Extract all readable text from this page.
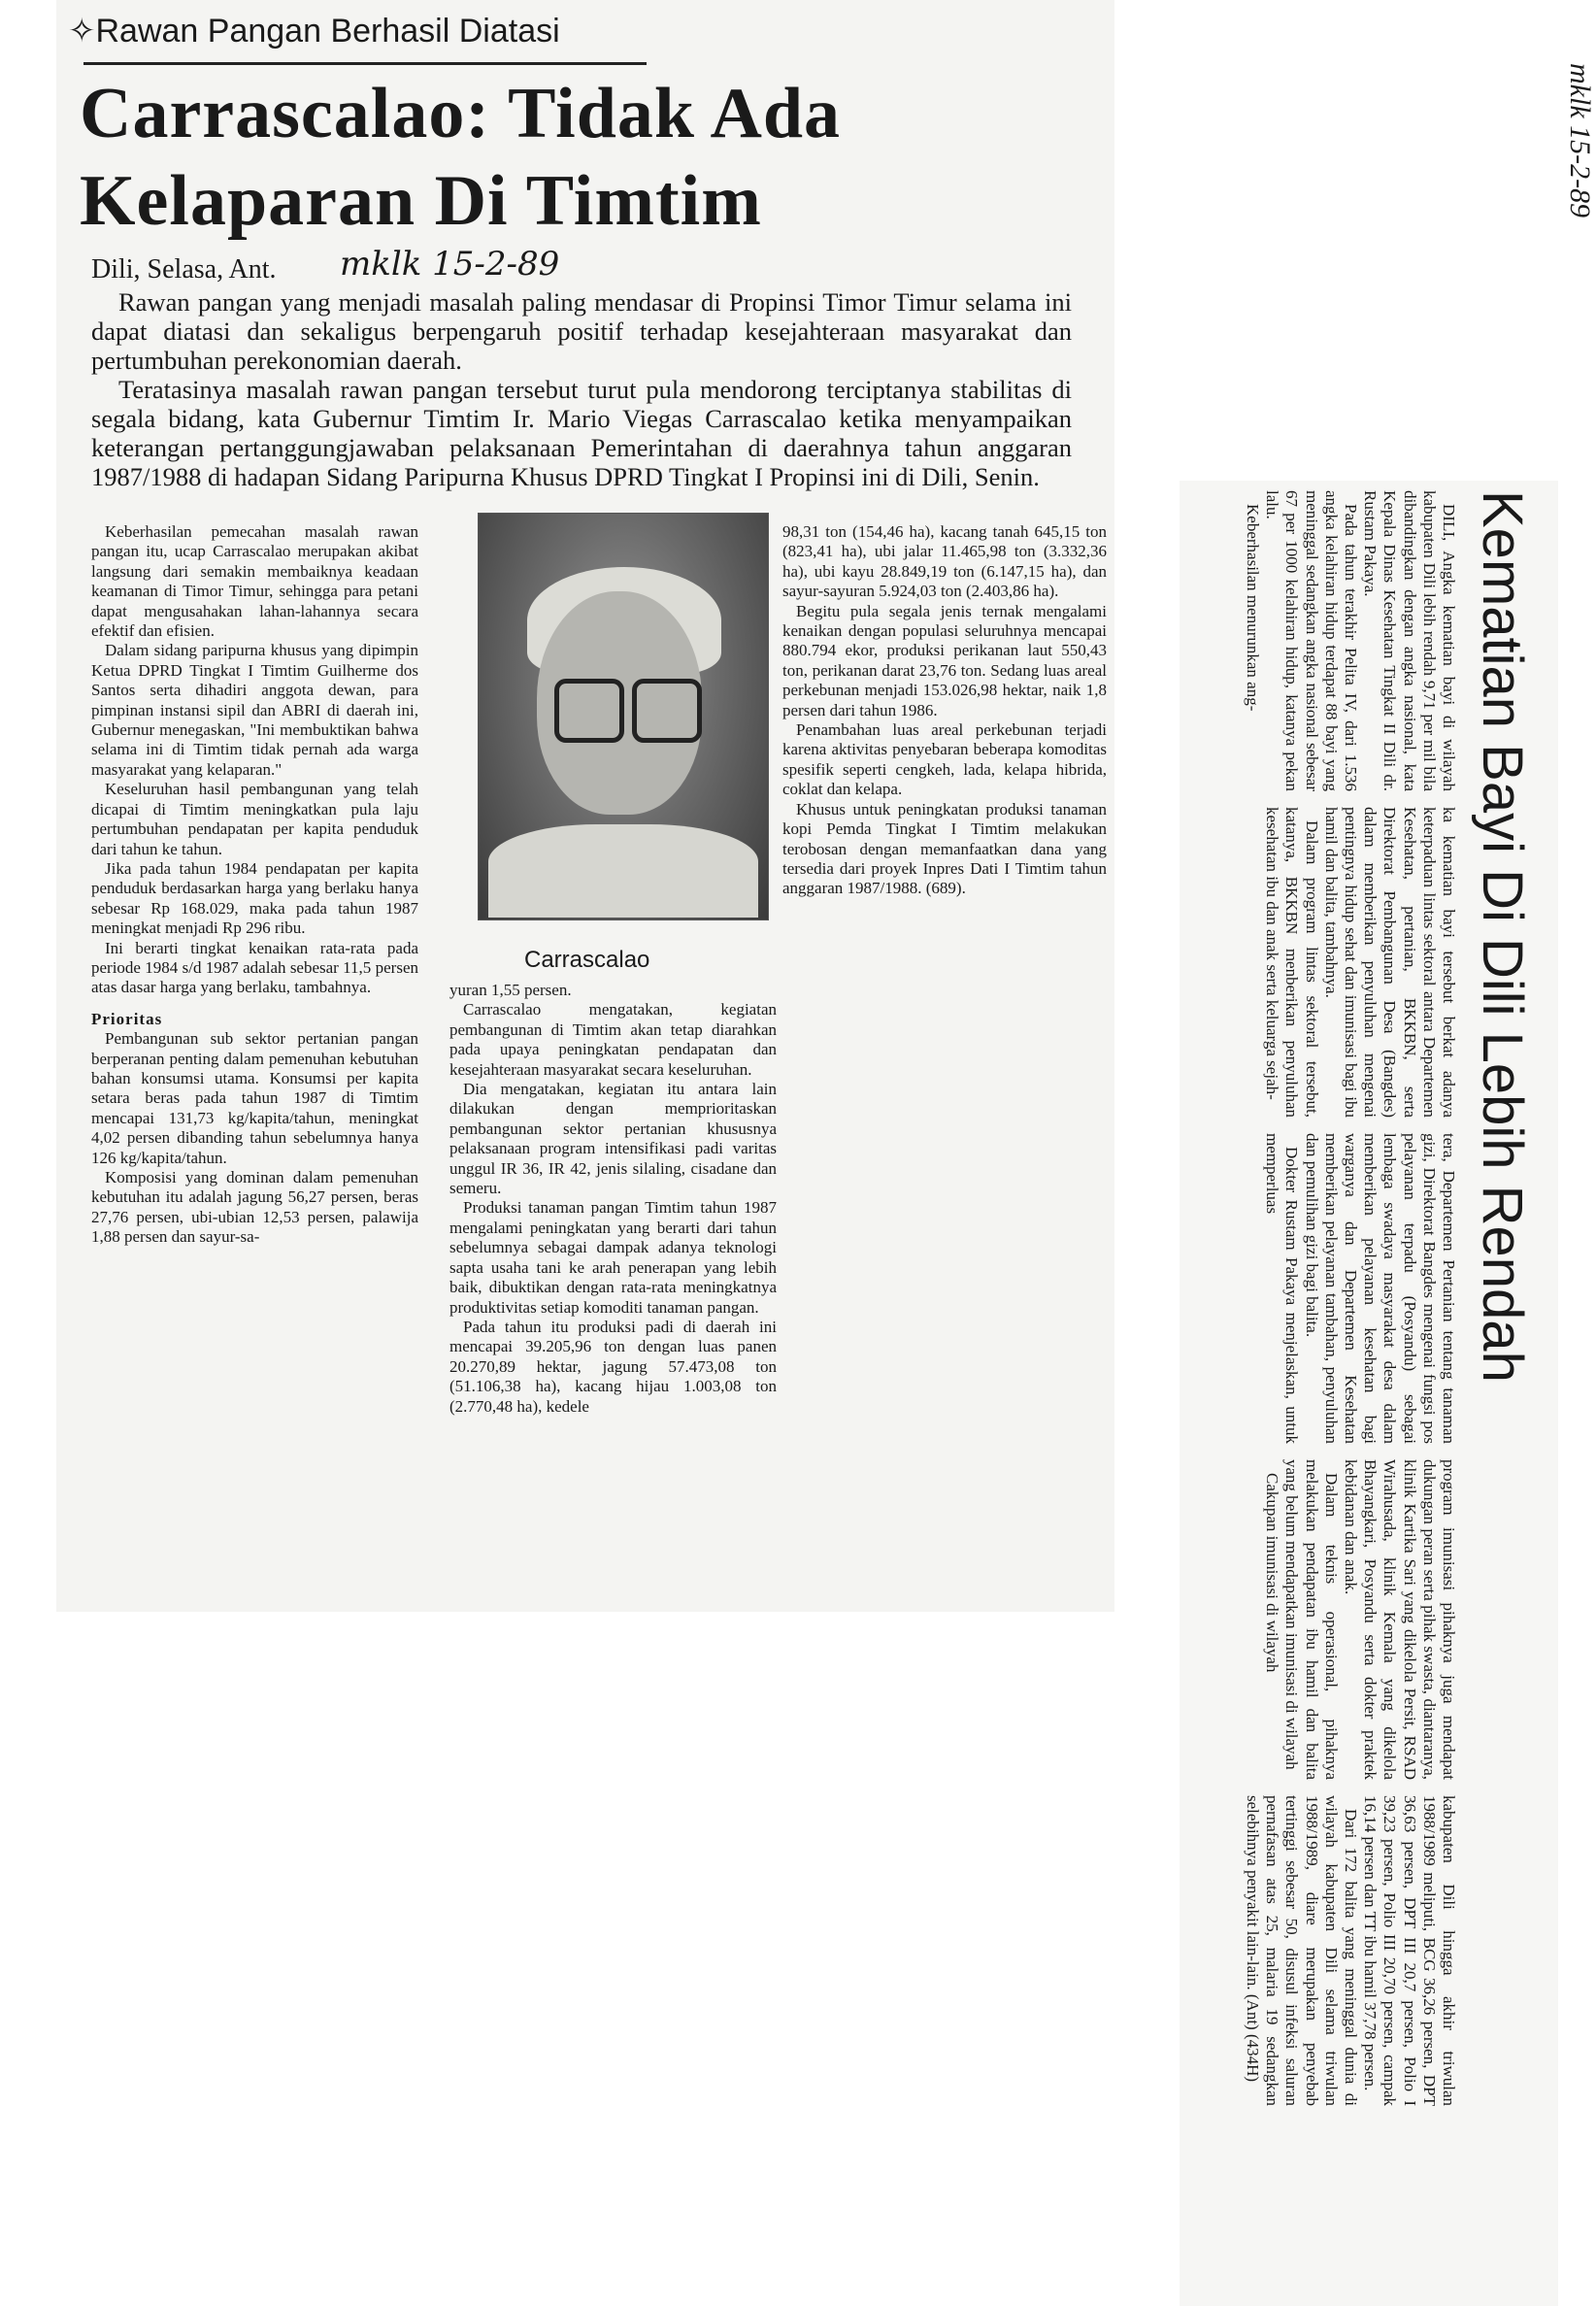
✧Rawan Pangan Berhasil Diatasi
Carrascalao: Tidak Ada
Kelaparan Di Timtim
Dili, Selasa, Ant. mklk 15-2-89

Rawan pangan yang menjadi masalah paling mendasar di Propinsi Timor Timur selama ini dapat diatasi dan sekaligus berpengaruh positif terhadap kesejahteraan masyarakat dan pertumbuhan perekonomian daerah.

Teratasinya masalah rawan pangan tersebut turut pula mendorong terciptanya stabilitas di segala bidang, kata Gubernur Timtim Ir. Mario Viegas Carrascalao ketika menyampaikan keterangan pertanggungjawaban pelaksanaan Pemerintahan di daerahnya tahun anggaran 1987/1988 di hadapan Sidang Paripurna Khusus DPRD Tingkat I Propinsi ini di Dili, Senin.

Keberhasilan pemecahan masalah rawan pangan itu, ucap Carrascalao merupakan akibat langsung dari semakin membaiknya keadaan keamanan di Timor Timur, sehingga para petani dapat mengusahakan lahan-lahannya secara efektif dan efisien.

Dalam sidang paripurna khusus yang dipimpin Ketua DPRD Tingkat I Timtim Guilherme dos Santos serta dihadiri anggota dewan, para pimpinan instansi sipil dan ABRI di daerah ini, Gubernur menegaskan, "Ini membuktikan bahwa selama ini di Timtim tidak pernah ada warga masyarakat yang kelaparan."

Keseluruhan hasil pembangunan yang telah dicapai di Timtim meningkatkan pula laju pertumbuhan pendapatan per kapita penduduk dari tahun ke tahun.

Jika pada tahun 1984 pendapatan per kapita penduduk berdasarkan harga yang berlaku hanya sebesar Rp 168.029, maka pada tahun 1987 meningkat menjadi Rp 296 ribu.

Ini berarti tingkat kenaikan rata-rata pada periode 1984 s/d 1987 adalah sebesar 11,5 persen atas dasar harga yang berlaku, tambahnya.

Prioritas

Pembangunan sub sektor pertanian pangan berperanan penting dalam pemenuhan kebutuhan bahan konsumsi utama. Konsumsi per kapita setara beras pada tahun 1987 di Timtim mencapai 131,73 kg/kapita/tahun, meningkat 4,02 persen dibanding tahun sebelumnya hanya 126 kg/kapita/tahun.

Komposisi yang dominan dalam pemenuhan kebutuhan itu adalah jagung 56,27 persen, beras 27,76 persen, ubi-ubian 12,53 persen, palawija 1,88 persen dan sayur-sa-

Carrascalao

yuran 1,55 persen.

Carrascalao mengatakan, kegiatan pembangunan di Timtim akan tetap diarahkan pada upaya peningkatan pendapatan dan kesejahteraan masyarakat secara keseluruhan.

Dia mengatakan, kegiatan itu antara lain dilakukan dengan memprioritaskan pembangunan sektor pertanian khususnya pelaksanaan program intensifikasi padi varitas unggul IR 36, IR 42, jenis silaling, cisadane dan semeru.

Produksi tanaman pangan Timtim tahun 1987 mengalami peningkatan yang berarti dari tahun sebelumnya sebagai dampak adanya teknologi sapta usaha tani ke arah penerapan yang lebih baik, dibuktikan dengan rata-rata meningkatnya produktivitas setiap komoditi tanaman pangan.

Pada tahun itu produksi padi di daerah ini mencapai 39.205,96 ton dengan luas panen 20.270,89 hektar, jagung 57.473,08 ton (51.106,38 ha), kacang hijau 1.003,08 ton (2.770,48 ha), kedele

98,31 ton (154,46 ha), kacang tanah 645,15 ton (823,41 ha), ubi jalar 11.465,98 ton (3.332,36 ha), ubi kayu 28.849,19 ton (6.147,15 ha), dan sayur-sayuran 5.924,03 ton (2.403,86 ha).

Begitu pula segala jenis ternak mengalami kenaikan dengan populasi seluruhnya mencapai 880.794 ekor, produksi perikanan laut 550,43 ton, perikanan darat 23,76 ton. Sedang luas areal perkebunan menjadi 153.026,98 hektar, naik 1,8 persen dari tahun 1986.

Penambahan luas areal perkebunan terjadi karena aktivitas penyebaran beberapa komoditas spesifik seperti cengkeh, lada, kelapa hibrida, coklat dan kelapa.

Khusus untuk peningkatan produksi tanaman kopi Pemda Tingkat I Timtim melakukan terobosan dengan memanfaatkan dana yang tersedia dari proyek Inpres Dati I Timtim tahun anggaran 1987/1988. (689).	Kematian Bayi Di Dili Lebih Rendah
mklk 15-2-89

DILI, Angka kematian bayi di wilayah kabupaten Dili lebih rendah 9,71 per mil bila dibandingkan dengan angka nasional, kata Kepala Dinas Kesehatan Tingkat II Dili dr. Rustam Pakaya.

Pada tahun terakhir Pelita IV, dari 1.536 angka kelahiran hidup terdapat 88 bayi yang meninggal sedangkan angka nasional sebesar 67 per 1000 kelahiran hidup, katanya pekan lalu.

Keberhasilan menurunkan ang-

ka kematian bayi tersebut berkat adanya keterpaduan lintas sektoral antara Departemen Kesehatan, pertanian, BKKBN, serta Direktorat Pembangunan Desa (Bangdes) dalam memberikan penyuluhan mengenai pentingnya hidup sehat dan imunisasi bagi ibu hamil dan balita, tambahnya.

Dalam program lintas sektoral tersebut, katanya, BKKBN menberikan penyuluhan kesehatan ibu dan anak serta keluarga sejah-

tera, Departemen Pertanian tentang tanaman gizi, Direktorat Bangdes mengenai fungsi pos pelayanan terpadu (Posyandu) sebagai lembaga swadaya masyarakat desa dalam memberikan pelayanan kesehatan bagi warganya dan Departemen Kesehatan memberikan pelayanan tambahan, penyuluhan dan pemulihan gizi bagi balita.

Dokter Rustam Pakaya menjelaskan, untuk memperluas

program imunisasi pihaknya juga mendapat dukungan peran serta pihak swasta, diantaranya, klinik Kartika Sari yang dikelola Persit, RSAD Wirahusada, klinik Kemala yang dikelola Bhayangkari, Posyandu serta dokter praktek kebidanan dan anak.

Dalam teknis operasional, pihaknya melakukan pendapatan ibu hamil dan balita yang belum mendapatkan imunisasi di wilayah

Cakupan imunisasi di wilayah

kabupaten Dili hingga akhir triwulan 1988/1989 meliputi, BCG 36,26 persen, DPT 36,63 persen, DPT III 20,7 persen, Polio I 39,23 persen, Polio III 20,70 persen, campak 16,14 persen dan TT ibu hamil 37,78 persen.

Dari 172 balita yang meninggal dunia di wilayah kabupaten Dili selama triwulan 1988/1989, diare merupakan penyebab tertinggi sebesar 50, disusul infeksi saluran pernafasan atas 25, malaria 19 sedangkan selebihnya penyakit lain-lain. (Ant) (434H)
